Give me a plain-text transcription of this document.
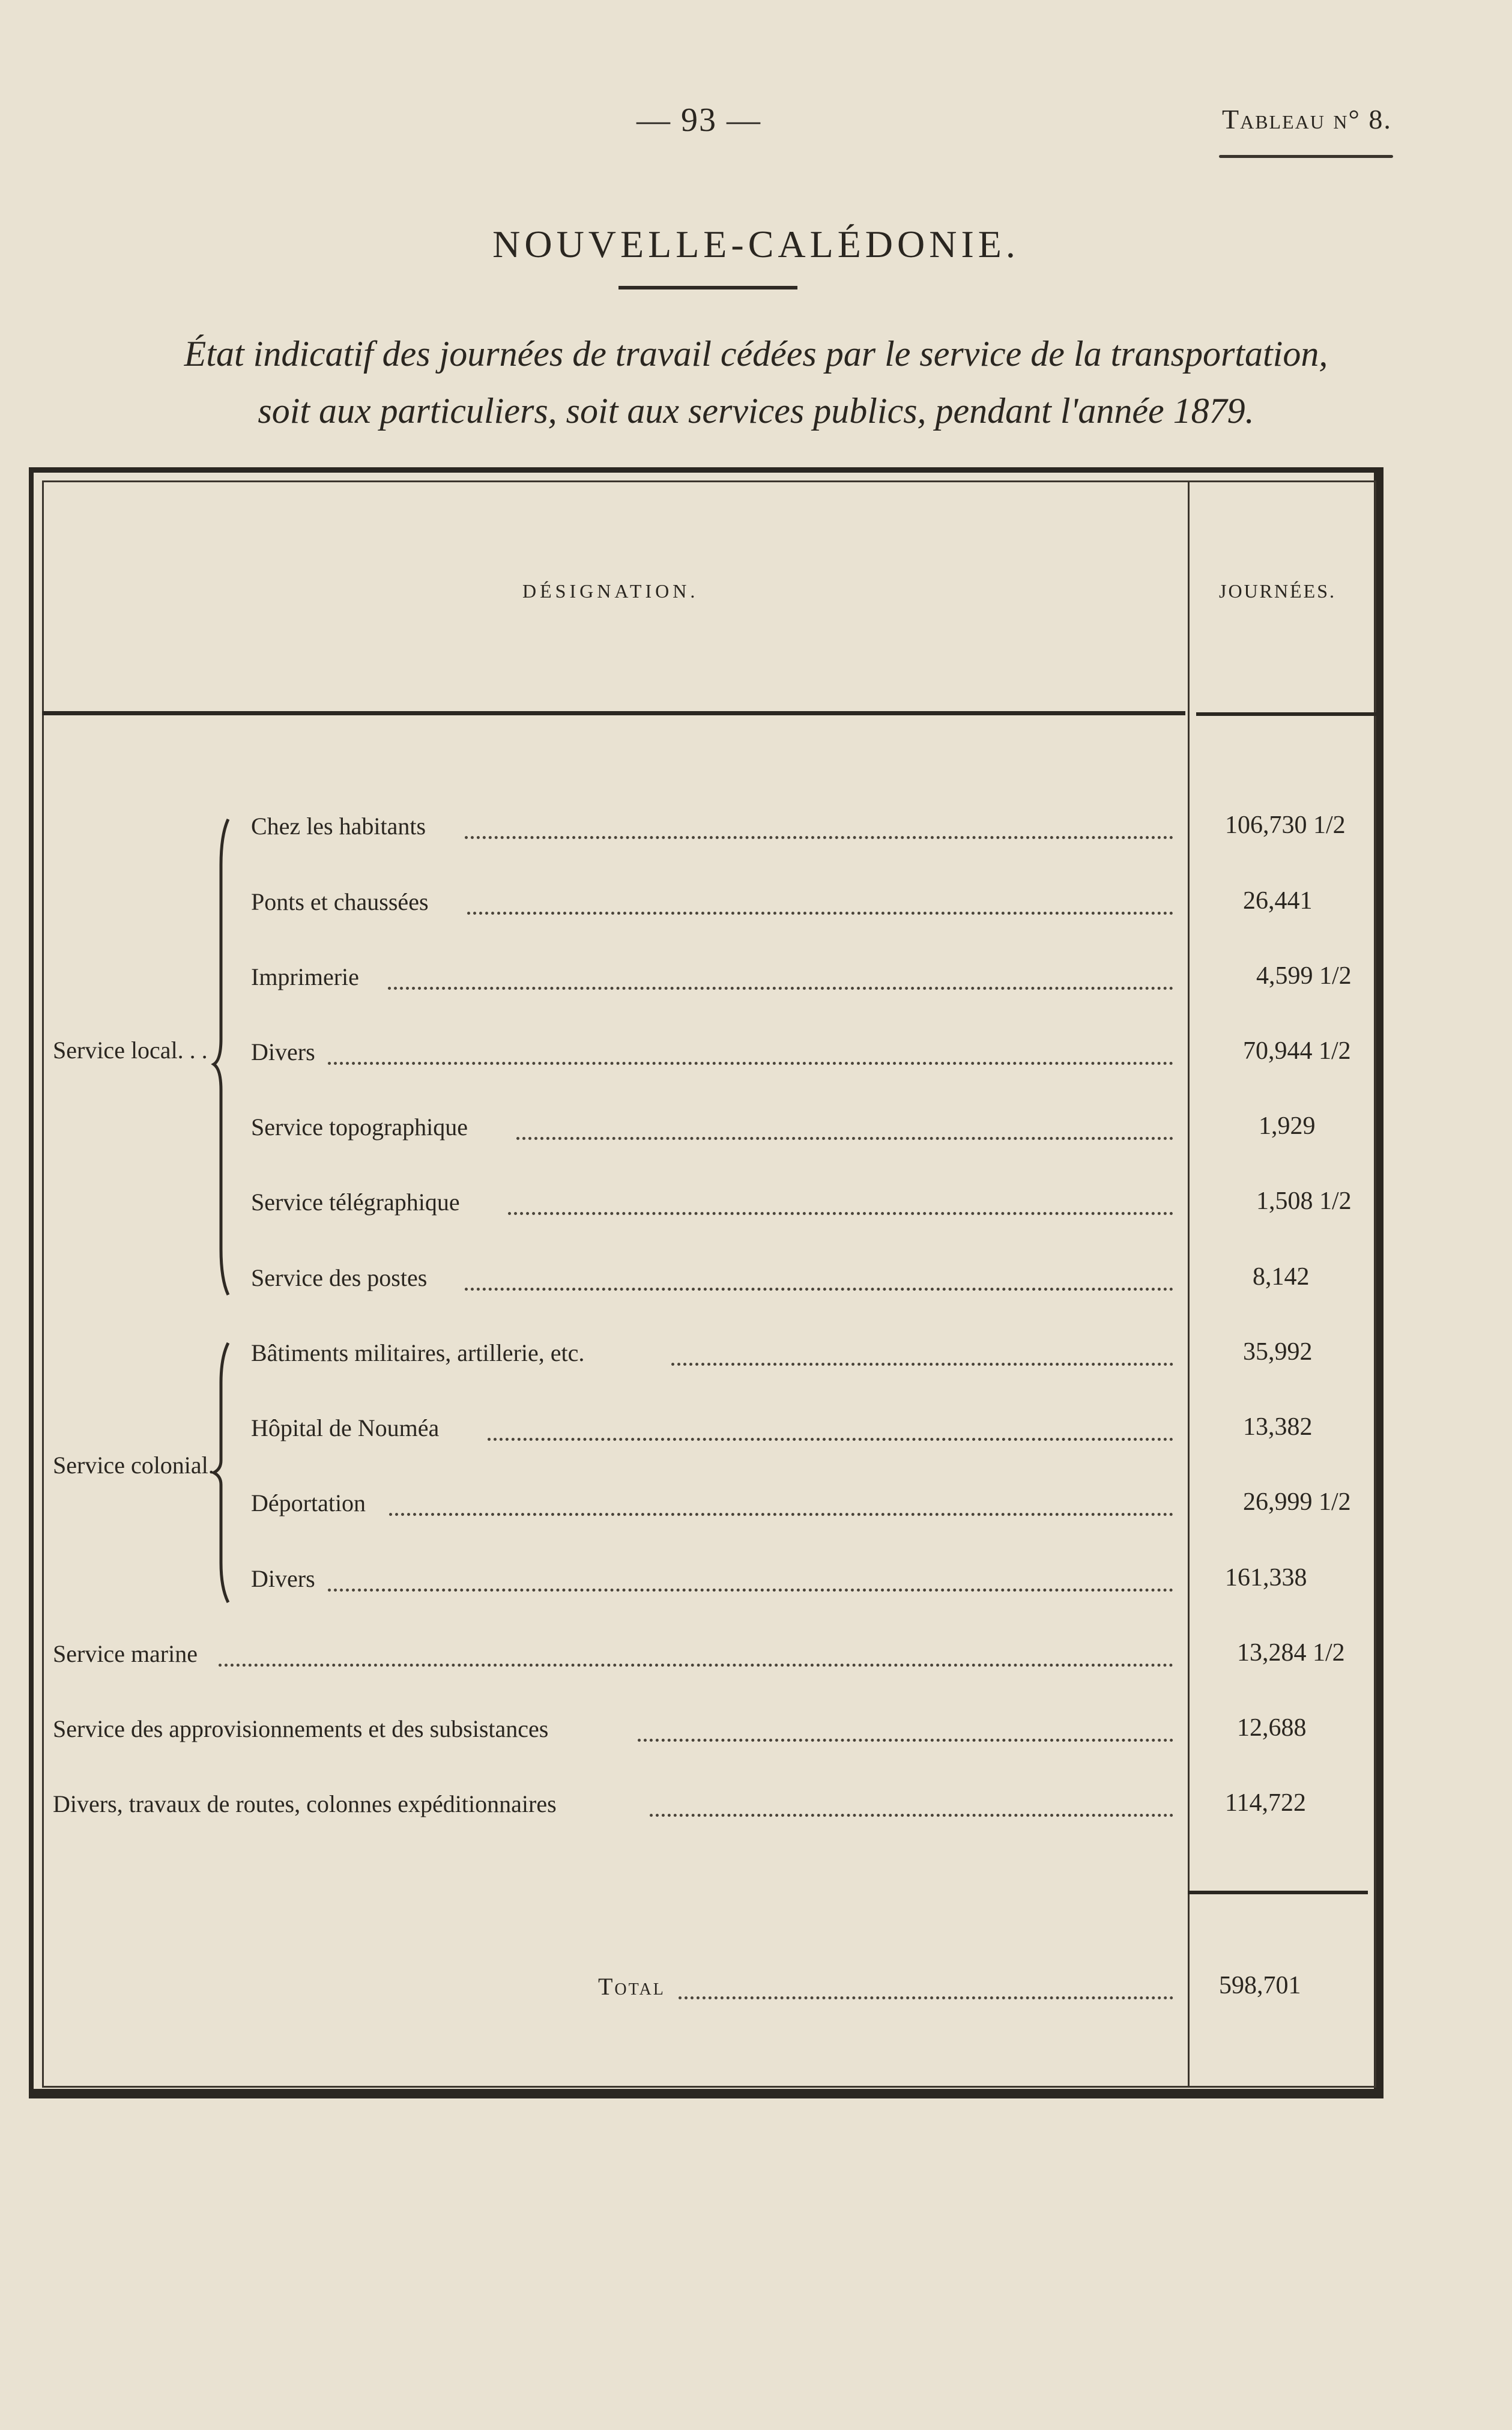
— 93 —	Tableau n° 8.
NOUVELLE-CALÉDONIE.
État indicatif des journées de travail cédées par le service de la transportation,
soit aux particuliers, soit aux services publics, pendant l'année 1879.
DÉSIGNATION.	JOURNÉES.
Service local. . .
Service colonial.
Chez les habitants	106,730 1/2
Ponts et chaussées	26,441
Imprimerie	4,599 1/2
Divers	70,944 1/2
Service topographique	1,929
Service télégraphique	1,508 1/2
Service des postes	8,142
Bâtiments militaires, artillerie, etc.	35,992
Hôpital de Nouméa	13,382
Déportation	26,999 1/2
Divers	161,338
Service marine	13,284 1/2
Service des approvisionnements et des subsistances	12,688
Divers, travaux de routes, colonnes expéditionnaires	114,722
Total	598,701
